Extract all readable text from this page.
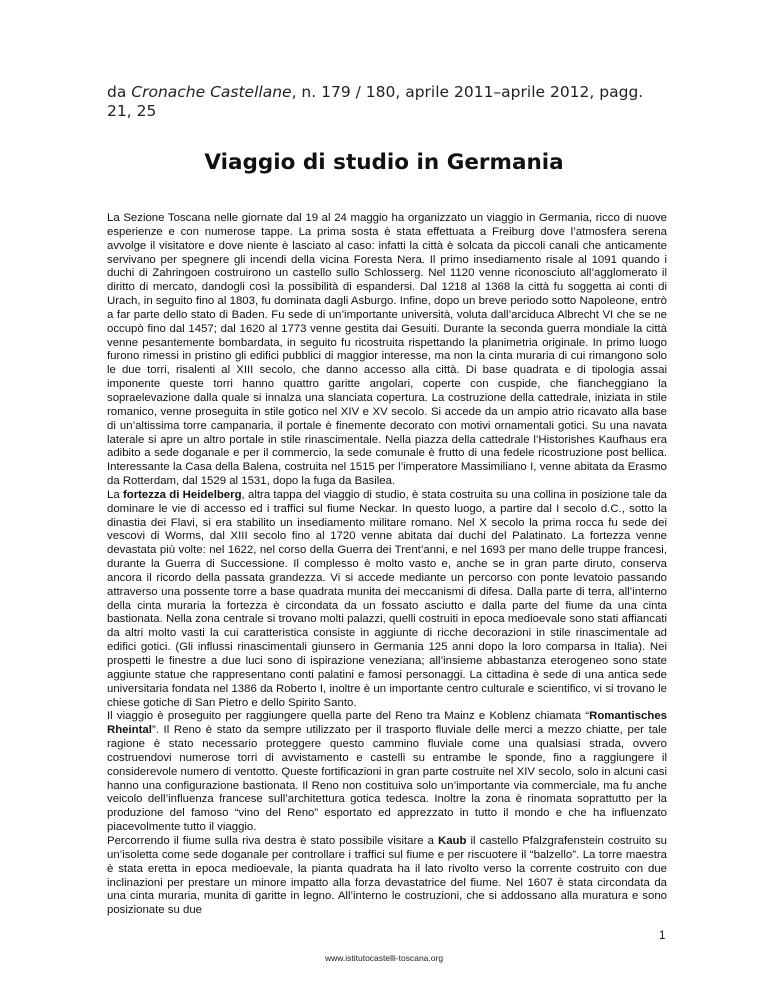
da Cronache Castellane, n. 179 / 180, aprile 2011–aprile 2012, pagg. 21, 25
Viaggio di studio in Germania

La Sezione Toscana nelle giornate dal 19 al 24 maggio ha organizzato un viaggio in Germania, ricco di nuove esperienze e con numerose tappe. La prima sosta è stata effettuata a Freiburg dove l’atmosfera serena avvolge il visitatore e dove niente è lasciato al caso: infatti la città è solcata da piccoli canali che anticamente servivano per spegnere gli incendi della vicina Foresta Nera. Il primo insediamento risale al 1091 quando i duchi di Zahringoen costruirono un castello sullo Schlosserg. Nel 1120 venne riconosciuto all’agglomerato il diritto di mercato, dandogli così la possibilità di espandersi. Dal 1218 al 1368 la città fu soggetta ai conti di Urach, in seguito fino al 1803, fu dominata dagli Asburgo. Infine, dopo un breve periodo sotto Napoleone, entrò a far parte dello stato di Baden. Fu sede di un’importante università, voluta dall’arciduca Albrecht VI che se ne occupò fino dal 1457; dal 1620 al 1773 venne gestita dai Gesuiti. Durante la seconda guerra mondiale la città venne pesantemente bombardata, in seguito fu ricostruita rispettando la planimetria originale. In primo luogo furono rimessi in pristino gli edifici pubblici di maggior interesse, ma non la cinta muraria di cui rimangono solo le due torri, risalenti al XIII secolo, che danno accesso alla città. Di base quadrata e di tipologia assai imponente queste torri hanno quattro garitte angolari, coperte con cuspide, che fiancheggiano la sopraelevazione dalla quale si innalza una slanciata copertura. La costruzione della cattedrale, iniziata in stile romanico, venne proseguita in stile gotico nel XIV e XV secolo. Si accede da un ampio atrio ricavato alla base di un’altissima torre campanaria, il portale è finemente decorato con motivi ornamentali gotici. Su una navata laterale si apre un altro portale in stile rinascimentale. Nella piazza della cattedrale l’Historishes Kaufhaus era adibito a sede doganale e per il commercio, la sede comunale è frutto di una fedele ricostruzione post bellica. Interessante la Casa della Balena, costruita nel 1515 per l’imperatore Massimiliano I, venne abitata da Erasmo da Rotterdam, dal 1529 al 1531, dopo la fuga da Basilea.

La fortezza di Heidelberg, altra tappa del viaggio di studio, è stata costruita su una collina in posizione tale da dominare le vie di accesso ed i traffici sul fiume Neckar. In questo luogo, a partire dal I secolo d.C., sotto la dinastia dei Flavi, si era stabilito un insediamento militare romano. Nel X secolo la prima rocca fu sede dei vescovi di Worms, dal XIII secolo fino al 1720 venne abitata dai duchi del Palatinato. La fortezza venne devastata più volte: nel 1622, nel corso della Guerra dei Trent’anni, e nel 1693 per mano delle truppe francesi, durante la Guerra di Successione. Il complesso è molto vasto e, anche se in gran parte diruto, conserva ancora il ricordo della passata grandezza. Vi si accede mediante un percorso con ponte levatoio passando attraverso una possente torre a base quadrata munita dei meccanismi di difesa. Dalla parte di terra, all’interno della cinta muraria la fortezza è circondata da un fossato asciutto e dalla parte del fiume da una cinta bastionata. Nella zona centrale si trovano molti palazzi, quelli costruiti in epoca medioevale sono stati affiancati da altri molto vasti la cui caratteristica consiste in aggiunte di ricche decorazioni in stile rinascimentale ad edifici gotici. (Gli influssi rinascimentali giunsero in Germania 125 anni dopo la loro comparsa in Italia). Nei prospetti le finestre a due luci sono di ispirazione veneziana; all’insieme abbastanza eterogeneo sono state aggiunte statue che rappresentano conti palatini e famosi personaggi. La cittadina è sede di una antica sede universitaria fondata nel 1386 da Roberto I, inoltre è un importante centro culturale e scientifico, vi si trovano le chiese gotiche di San Pietro e dello Spirito Santo.

Il viaggio è proseguito per raggiungere quella parte del Reno tra Mainz e Koblenz chiamata “Romantisches Rheintal”. Il Reno è stato da sempre utilizzato per il trasporto fluviale delle merci a mezzo chiatte, per tale ragione è stato necessario proteggere questo cammino fluviale come una qualsiasi strada, ovvero costruendovi numerose torri di avvistamento e castelli su entrambe le sponde, fino a raggiungere il considerevole numero di ventotto. Queste fortificazioni in gran parte costruite nel XIV secolo, solo in alcuni casi hanno una configurazione bastionata. Il Reno non costituiva solo un’importante via commerciale, ma fu anche veicolo dell’influenza francese sull’architettura gotica tedesca. Inoltre la zona è rinomata soprattutto per la produzione del famoso “vino del Reno” esportato ed apprezzato in tutto il mondo e che ha influenzato piacevolmente tutto il viaggio.

Percorrendo il fiume sulla riva destra è stato possibile visitare a Kaub il castello Pfalzgrafenstein costruito su un’isoletta come sede doganale per controllare i traffici sul fiume e per riscuotere il “balzello”. La torre maestra è stata eretta in epoca medioevale, la pianta quadrata ha il lato rivolto verso la corrente costruito con due inclinazioni per prestare un minore impatto alla forza devastatrice del fiume. Nel 1607 è stata circondata da una cinta muraria, munita di garitte in legno. All’interno le costruzioni, che si addossano alla muratura e sono posizionate su due

1
www.istitutocastelli-toscana.org
